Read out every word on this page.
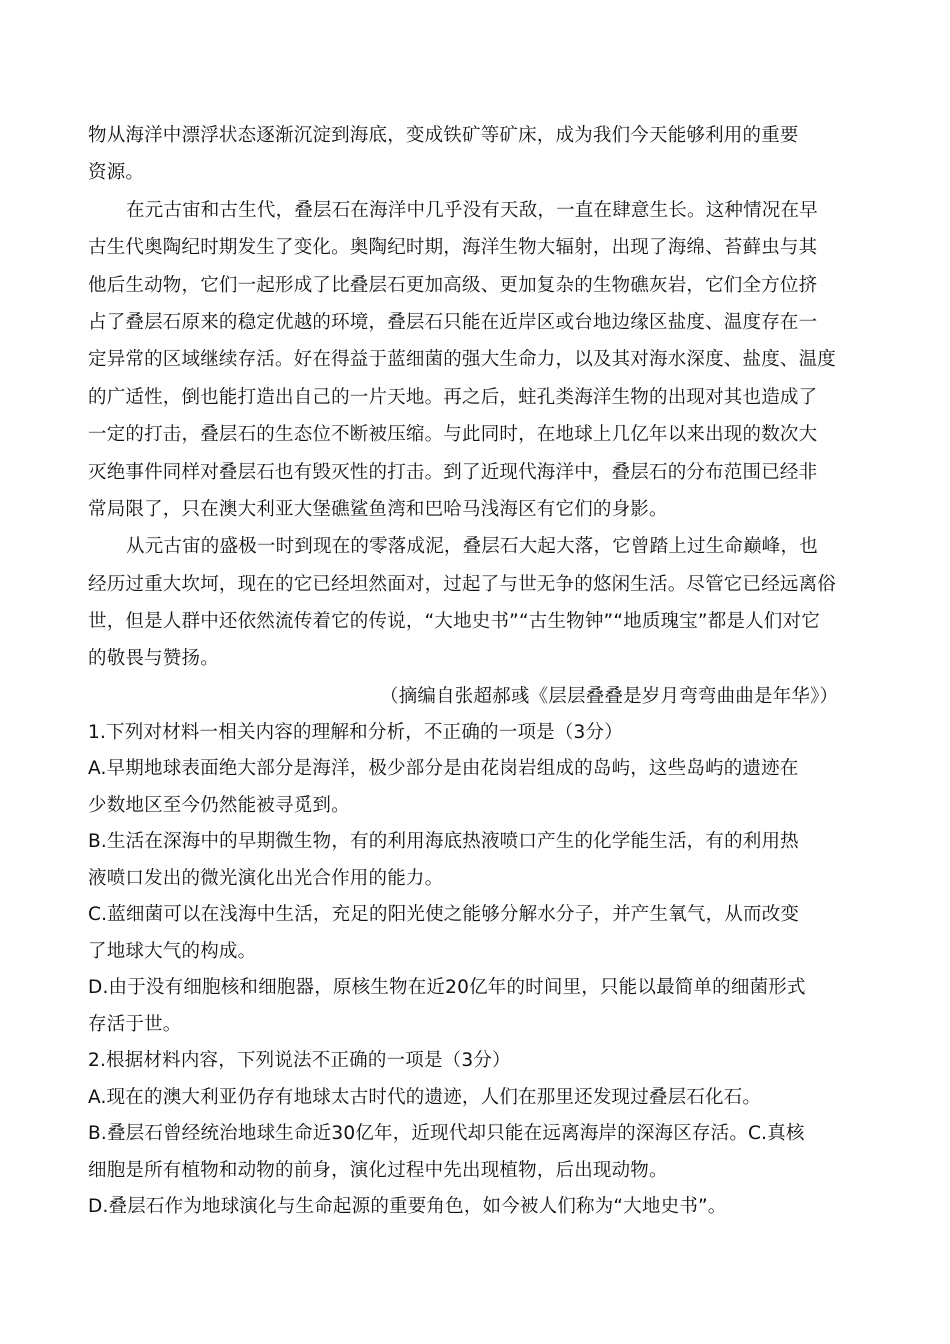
物从海洋中漂浮状态逐渐沉淀到海底，变成铁矿等矿床，成为我们今天能够利用的重要
资源。
在元古宙和古生代，叠层石在海洋中几乎没有天敌，一直在肆意生长。这种情况在早
古生代奥陶纪时期发生了变化。奥陶纪时期，海洋生物大辐射，出现了海绵、苔藓虫与其
他后生动物，它们一起形成了比叠层石更加高级、更加复杂的生物礁灰岩，它们全方位挤
占了叠层石原来的稳定优越的环境，叠层石只能在近岸区或台地边缘区盐度、温度存在一
定异常的区域继续存活。好在得益于蓝细菌的强大生命力，以及其对海水深度、盐度、温度
的广适性，倒也能打造出自己的一片天地。再之后，蛀孔类海洋生物的出现对其也造成了
一定的打击，叠层石的生态位不断被压缩。与此同时，在地球上几亿年以来出现的数次大
灭绝事件同样对叠层石也有毁灭性的打击。到了近现代海洋中，叠层石的分布范围已经非
常局限了，只在澳大利亚大堡礁鲨鱼湾和巴哈马浅海区有它们的身影。
从元古宙的盛极一时到现在的零落成泥，叠层石大起大落，它曾踏上过生命巅峰，也
经历过重大坎坷，现在的它已经坦然面对，过起了与世无争的悠闲生活。尽管它已经远离俗
世，但是人群中还依然流传着它的传说，“大地史书”“古生物钟”“地质瑰宝”都是人们对它
的敬畏与赞扬。
（摘编自张超郝彧《层层叠叠是岁月弯弯曲曲是年华》）
1.下列对材料一相关内容的理解和分析，不正确的一项是（3分）
A.早期地球表面绝大部分是海洋，极少部分是由花岗岩组成的岛屿，这些岛屿的遗迹在
少数地区至今仍然能被寻觅到。
B.生活在深海中的早期微生物，有的利用海底热液喷口产生的化学能生活，有的利用热
液喷口发出的微光演化出光合作用的能力。
C.蓝细菌可以在浅海中生活，充足的阳光使之能够分解水分子，并产生氧气，从而改变
了地球大气的构成。
D.由于没有细胞核和细胞器，原核生物在近20亿年的时间里，只能以最简单的细菌形式
存活于世。
2.根据材料内容，下列说法不正确的一项是（3分）
A.现在的澳大利亚仍存有地球太古时代的遗迹，人们在那里还发现过叠层石化石。
B.叠层石曾经统治地球生命近30亿年，近现代却只能在远离海岸的深海区存活。C.真核
细胞是所有植物和动物的前身，演化过程中先出现植物，后出现动物。
D.叠层石作为地球演化与生命起源的重要角色，如今被人们称为“大地史书”。
